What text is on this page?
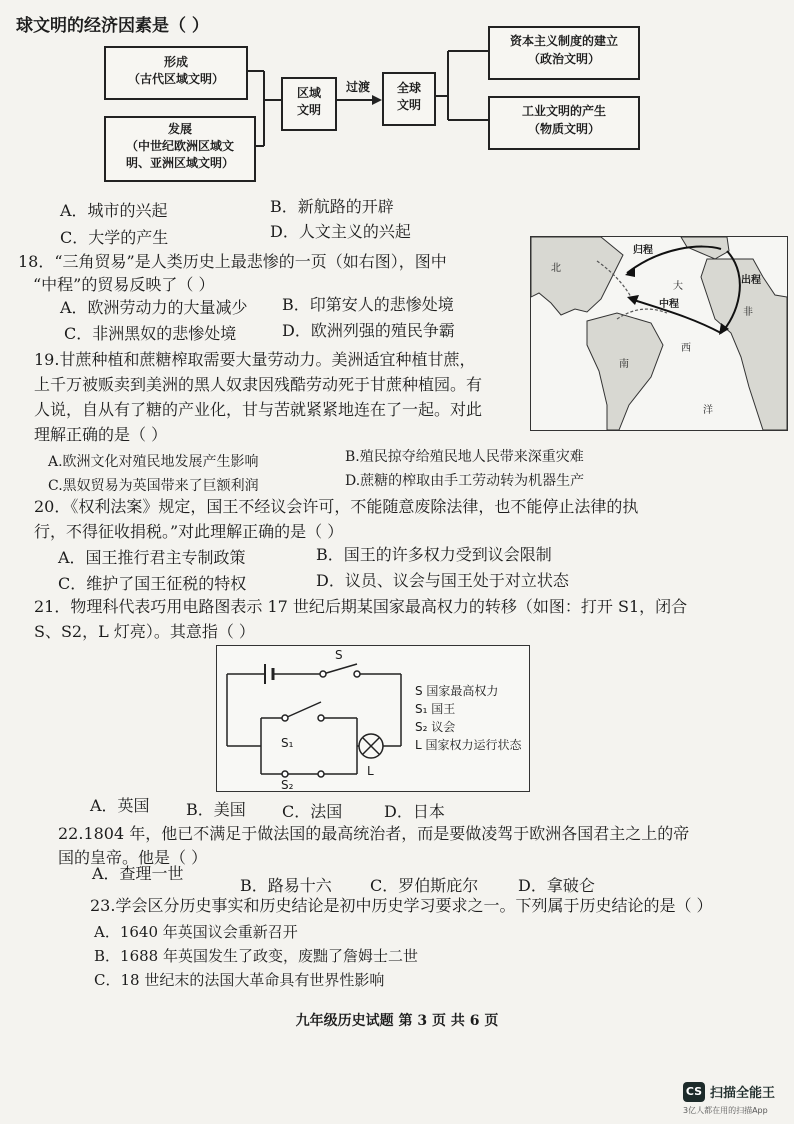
球文明的经济因素是（ ）
形成
（古代区域文明）
发展
（中世纪欧洲区域文
明、亚洲区域文明）
区域
文明
过渡	全球
文明
资本主义制度的建立
（政治文明）
工业文明的产生
（物质文明）
A．城市的兴起	B．新航路的开辟
C．大学的产生	D．人文主义的兴起
18．“三角贸易”是人类历史上最悲惨的一页（如右图），图中
“中程”的贸易反映了（ ）
A．欧洲劳动力的大量减少 B．印第安人的悲惨处境
C．非洲黑奴的悲惨处境	D．欧洲列强的殖民争霸
归程
出程
中程
大
西
洋
北
南
非
19.甘蔗种植和蔗糖榨取需要大量劳动力。美洲适宜种植甘蔗，
上千万被贩卖到美洲的黑人奴隶因残酷劳动死于甘蔗种植园。有
人说，自从有了糖的产业化，甘与苦就紧紧地连在了一起。对此
理解正确的是（ ）
A.欧洲文化对殖民地发展产生影响	B.殖民掠夺给殖民地人民带来深重灾难
C.黑奴贸易为英国带来了巨额利润	D.蔗糖的榨取由手工劳动转为机器生产
20．《权利法案》规定，国王不经议会许可，不能随意废除法律，也不能停止法律的执
行，不得征收捐税。”对此理解正确的是（ ）
A．国王推行君主专制政策	B．国王的许多权力受到议会限制
C．维护了国王征税的特权	D．议员、议会与国王处于对立状态
21．物理科代表巧用电路图表示 17 世纪后期某国家最高权力的转移（如图：打开 S1，闭合
S、S2，L 灯亮）。其意指（ ）
S
S₁
S₂
L
S 国家最高权力
S₁ 国王
S₂ 议会
L 国家权力运行状态
A．英国 B．美国 C．法国	D．日本
22.1804 年，他已不满足于做法国的最高统治者，而是要做凌驾于欧洲各国君主之上的帝
国的皇帝。他是（ ）
A．查理一世
B．路易十六 C．罗伯斯庇尔 D．拿破仑
23.学会区分历史事实和历史结论是初中历史学习要求之一。下列属于历史结论的是（ ）
A．1640 年英国议会重新召开
B．1688 年英国发生了政变，废黜了詹姆士二世
C．18 世纪末的法国大革命具有世界性影响
九年级历史试题 第 3 页 共 6 页
CS 扫描全能王
3亿人都在用的扫描App
